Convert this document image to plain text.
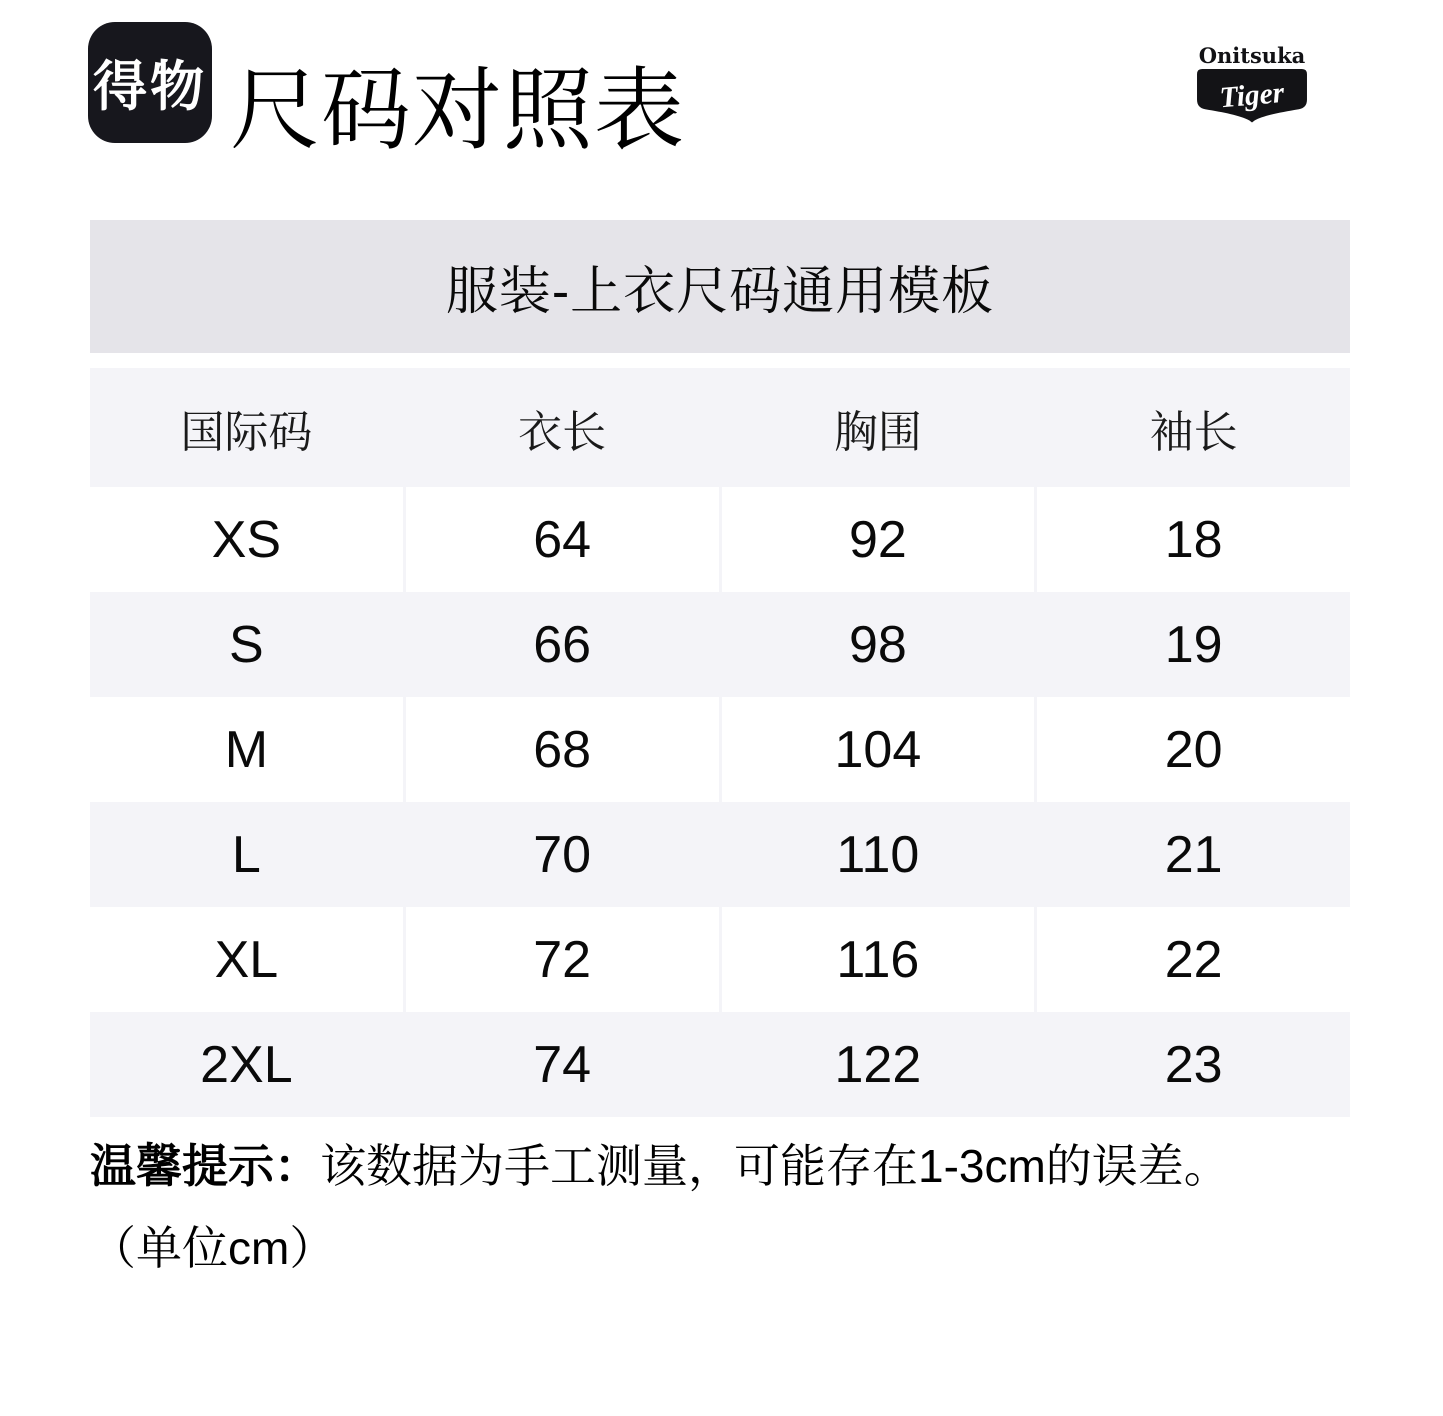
得物 尺码对照表
Onitsuka
Tiger
服装-上衣尺码通用模板
国际码	衣长	胸围	袖长
XS	64	92	18
S	66	98	19
M	68	104	20
L	70	110	21
XL	72	116	22
2XL	74	122	23

温馨提示：该数据为手工测量，可能存在1-3cm的误差。

（单位cm）
